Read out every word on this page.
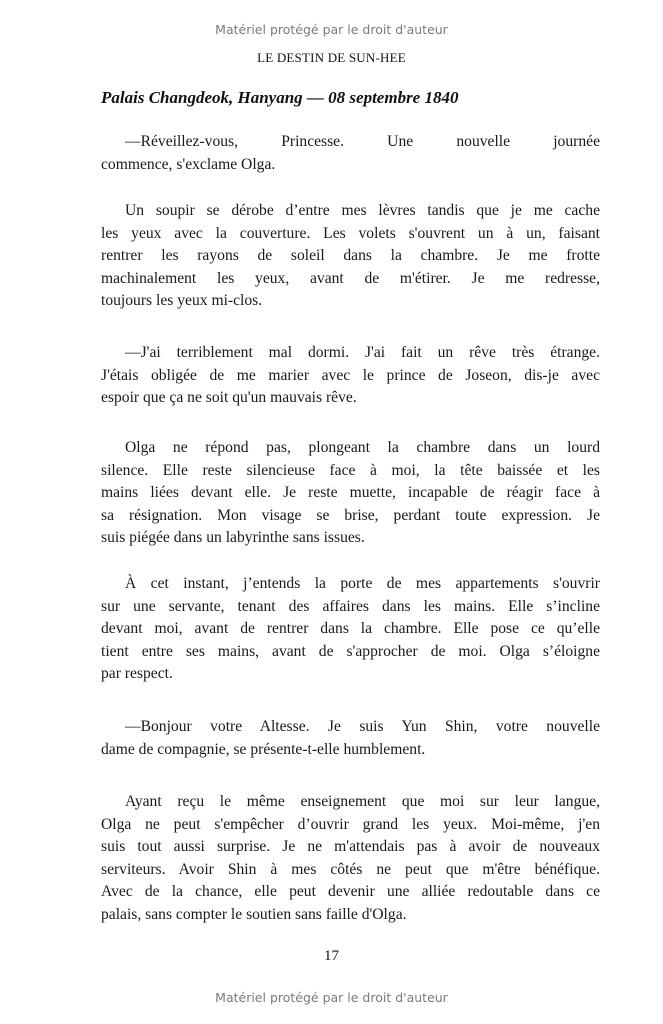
Matériel protégé par le droit d'auteur
LE DESTIN DE SUN-HEE
Palais Changdeok, Hanyang — 08 septembre 1840
—Réveillez-vous, Princesse. Une nouvelle journée
commence, s'exclame Olga.
Un soupir se dérobe d’entre mes lèvres tandis que je me cache
les yeux avec la couverture. Les volets s'ouvrent un à un, faisant
rentrer les rayons de soleil dans la chambre. Je me frotte
machinalement les yeux, avant de m'étirer. Je me redresse,
toujours les yeux mi-clos.
—J'ai terriblement mal dormi. J'ai fait un rêve très étrange.
J'étais obligée de me marier avec le prince de Joseon, dis-je avec
espoir que ça ne soit qu'un mauvais rêve.
Olga ne répond pas, plongeant la chambre dans un lourd
silence. Elle reste silencieuse face à moi, la tête baissée et les
mains liées devant elle. Je reste muette, incapable de réagir face à
sa résignation. Mon visage se brise, perdant toute expression. Je
suis piégée dans un labyrinthe sans issues.
À cet instant, j’entends la porte de mes appartements s'ouvrir
sur une servante, tenant des affaires dans les mains. Elle s’incline
devant moi, avant de rentrer dans la chambre. Elle pose ce qu’elle
tient entre ses mains, avant de s'approcher de moi. Olga s’éloigne
par respect.
—Bonjour votre Altesse. Je suis Yun Shin, votre nouvelle
dame de compagnie, se présente-t-elle humblement.
Ayant reçu le même enseignement que moi sur leur langue,
Olga ne peut s'empêcher d’ouvrir grand les yeux. Moi-même, j'en
suis tout aussi surprise. Je ne m'attendais pas à avoir de nouveaux
serviteurs. Avoir Shin à mes côtés ne peut que m'être bénéfique.
Avec de la chance, elle peut devenir une alliée redoutable dans ce
palais, sans compter le soutien sans faille d'Olga.
17
Matériel protégé par le droit d'auteur
